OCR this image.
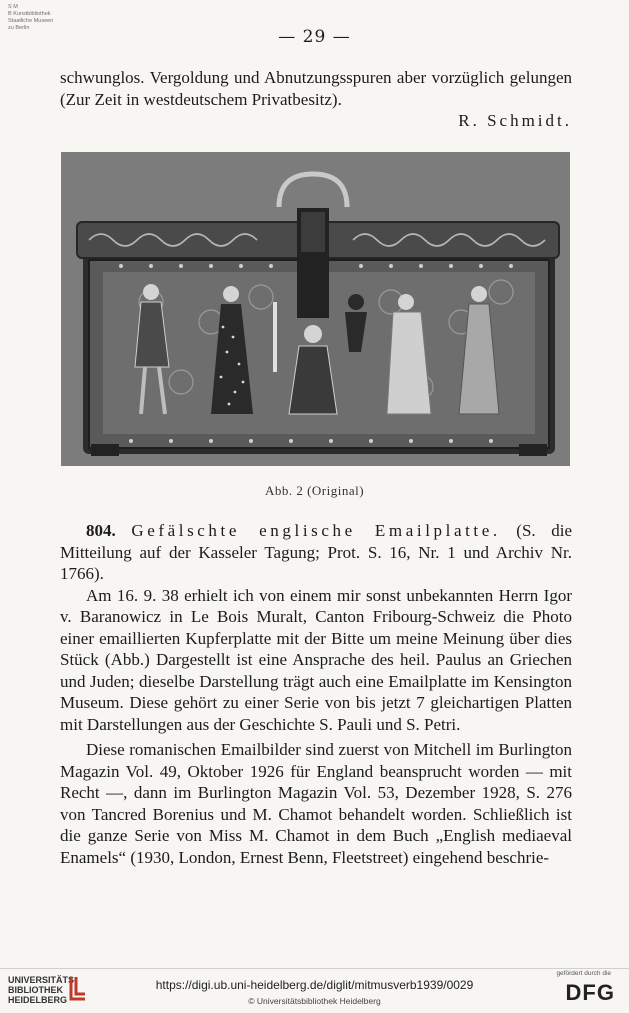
S M
B Kunstbibliothek
Staatliche Museen
zu Berlin	— 29 —

schwunglos. Vergoldung und Abnutzungsspuren aber vorzüglich gelungen (Zur Zeit in westdeutschem Privatbesitz).

R. Schmidt.

Abb. 2 (Original)

804. Gefälschte englische Emailplatte. (S. die Mitteilung auf der Kasseler Tagung; Prot. S. 16, Nr. 1 und Archiv Nr. 1766).

Am 16. 9. 38 erhielt ich von einem mir sonst unbekannten Herrn Igor v. Baranowicz in Le Bois Muralt, Canton Fribourg-Schweiz die Photo einer emaillierten Kupferplatte mit der Bitte um meine Meinung über dies Stück (Abb.) Dargestellt ist eine Ansprache des heil. Paulus an Griechen und Juden; dieselbe Darstellung trägt auch eine Emailplatte im Kensington Museum. Diese gehört zu einer Serie von bis jetzt 7 gleichartigen Platten mit Darstellungen aus der Geschichte S. Pauli und S. Petri.

Diese romanischen Emailbilder sind zuerst von Mitchell im Burlington Magazin Vol. 49, Oktober 1926 für England beansprucht worden — mit Recht —, dann im Burlington Magazin Vol. 53, Dezember 1928, S. 276 von Tancred Borenius und M. Chamot behandelt worden. Schließlich ist die ganze Serie von Miss M. Chamot in dem Buch „English mediaeval Enamels“ (1930, London, Ernest Benn, Fleetstreet) eingehend beschrie-

UNIVERSITÄTS-
BIBLIOTHEK
HEIDELBERG
https://digi.ub.uni-heidelberg.de/diglit/mitmusverb1939/0029
© Universitätsbibliothek Heidelberg
gefördert durch die
DFG
